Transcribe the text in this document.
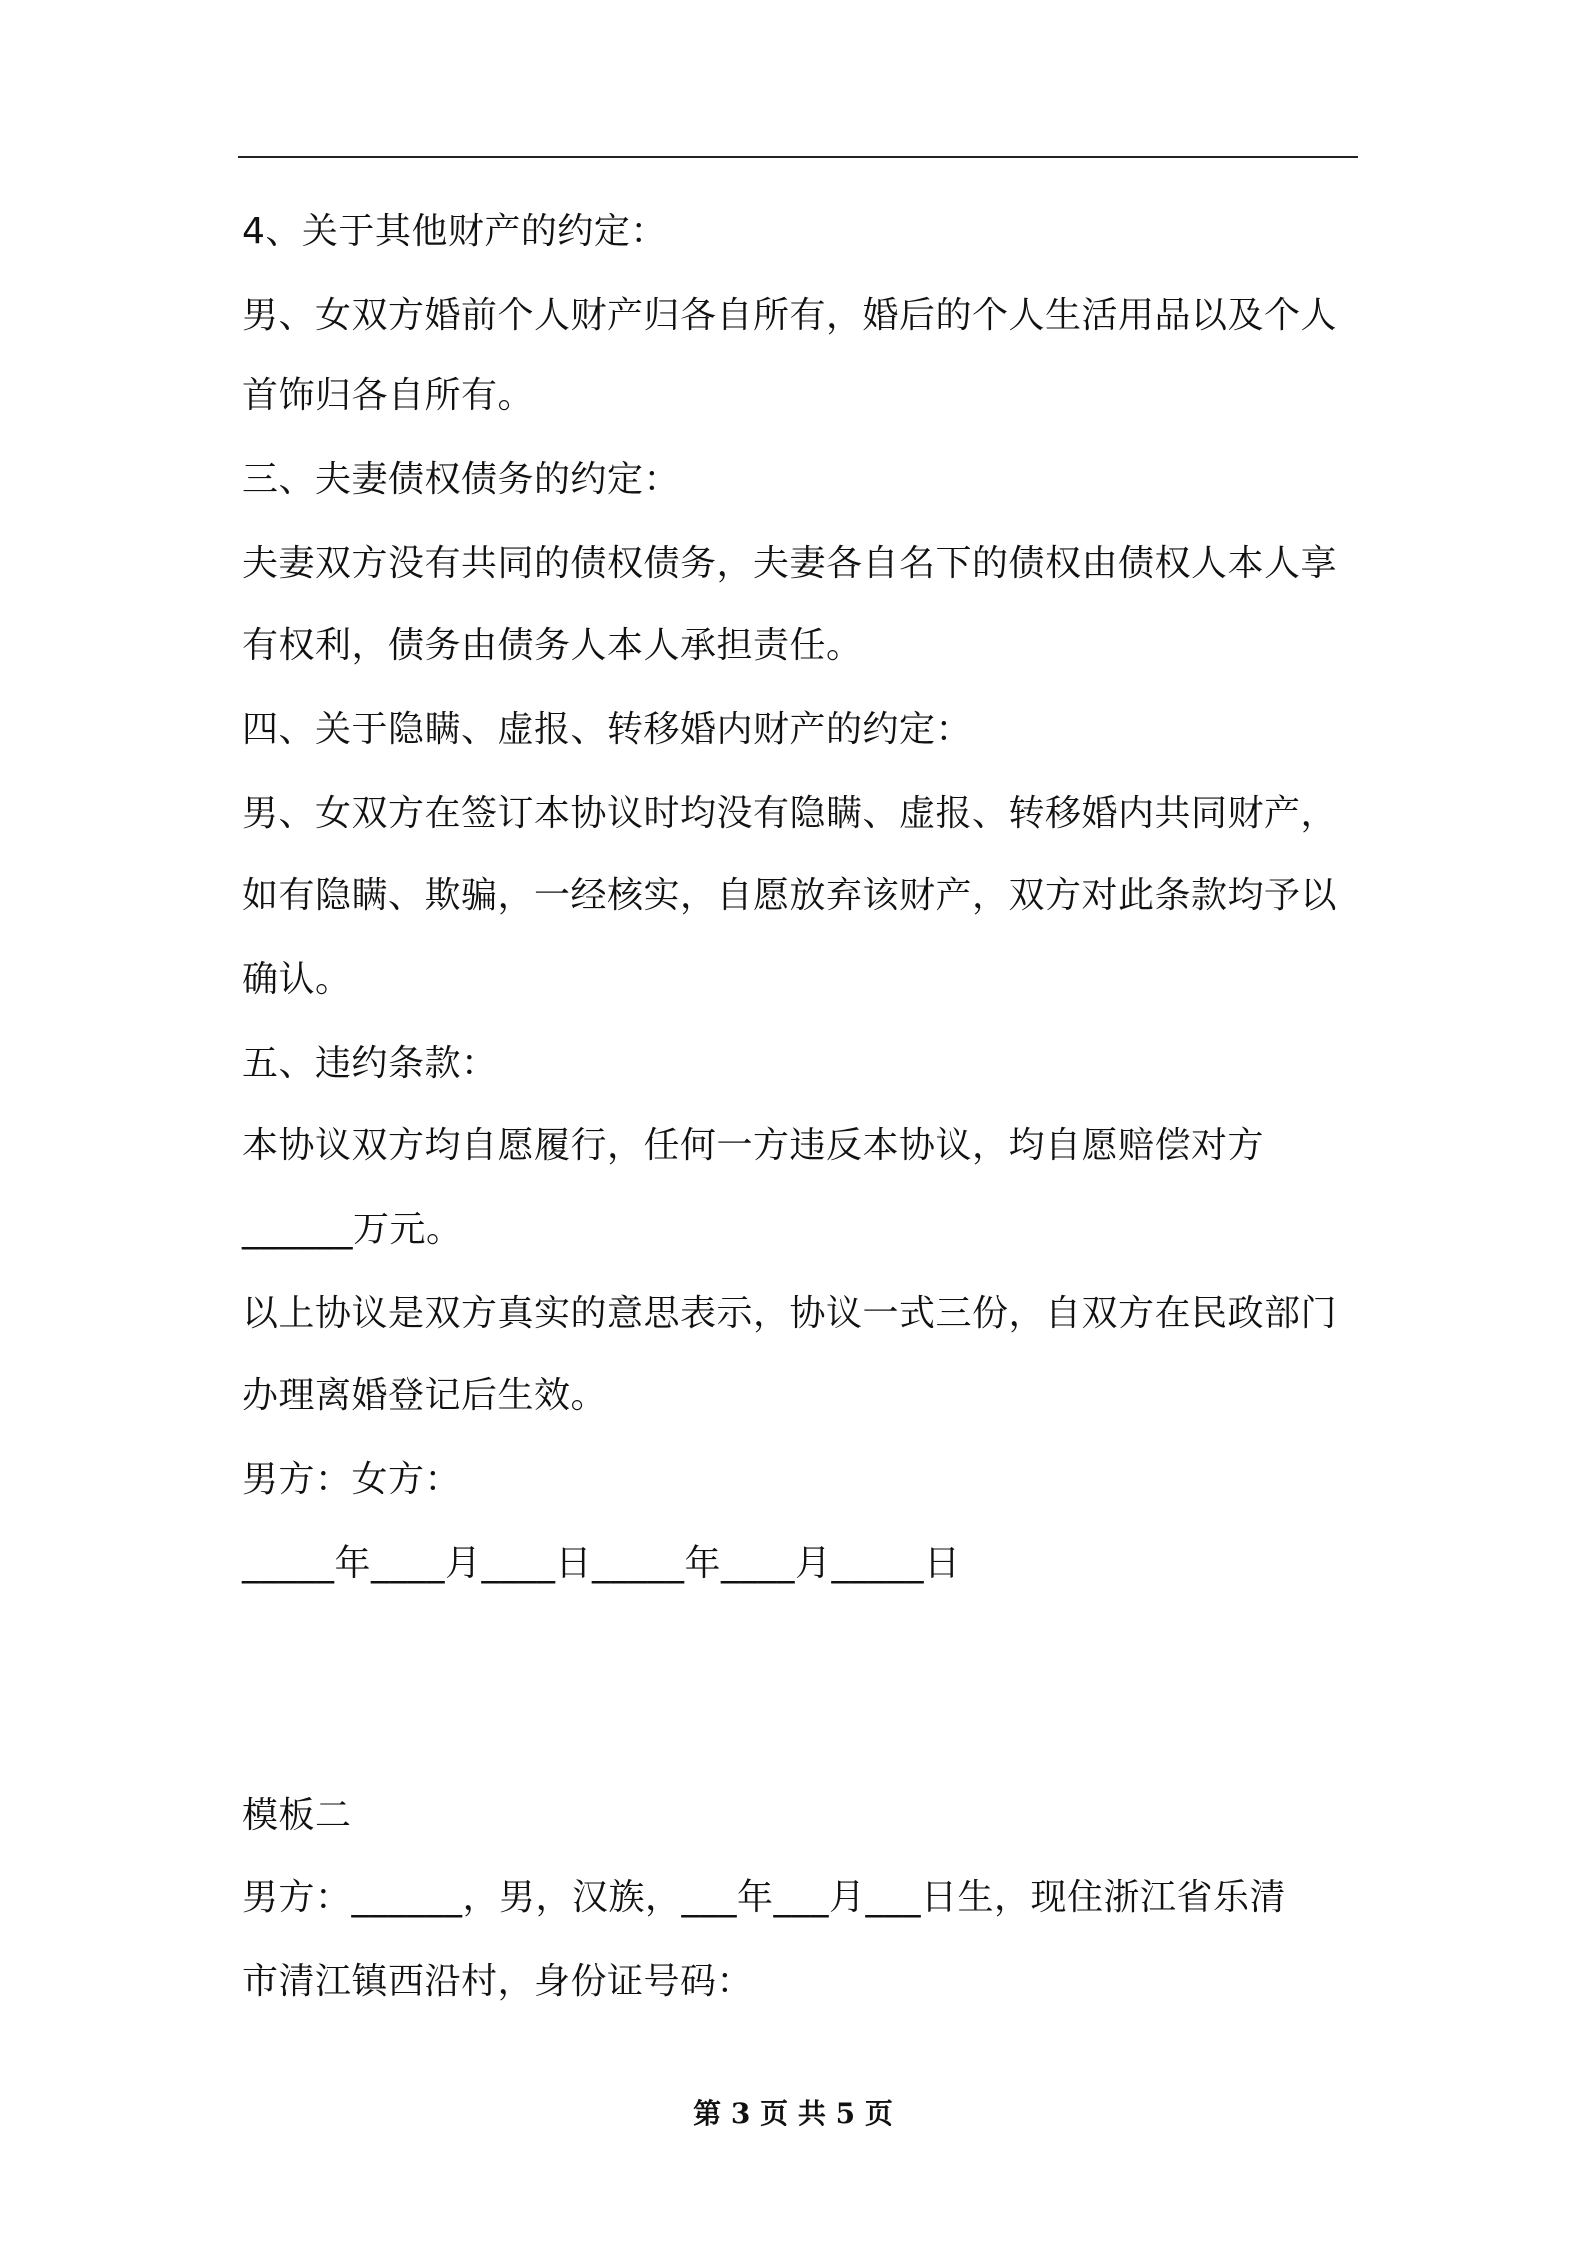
4、关于其他财产的约定：

男、女双方婚前个人财产归各自所有，婚后的个人生活用品以及个人

首饰归各自所有。

三、夫妻债权债务的约定：

夫妻双方没有共同的债权债务，夫妻各自名下的债权由债权人本人享

有权利，债务由债务人本人承担责任。

四、关于隐瞒、虚报、转移婚内财产的约定：

男、女双方在签订本协议时均没有隐瞒、虚报、转移婚内共同财产，

如有隐瞒、欺骗，一经核实，自愿放弃该财产，双方对此条款均予以

确认。

五、违约条款：

本协议双方均自愿履行，任何一方违反本协议，均自愿赔偿对方

______万元。

以上协议是双方真实的意思表示，协议一式三份，自双方在民政部门

办理离婚登记后生效。

男方：女方：

_____年____月____日_____年____月_____日

模板二

男方：______，男，汉族，___年___月___日生，现住浙江省乐清

市清江镇西沿村，身份证号码：

第 3 页 共 5 页
